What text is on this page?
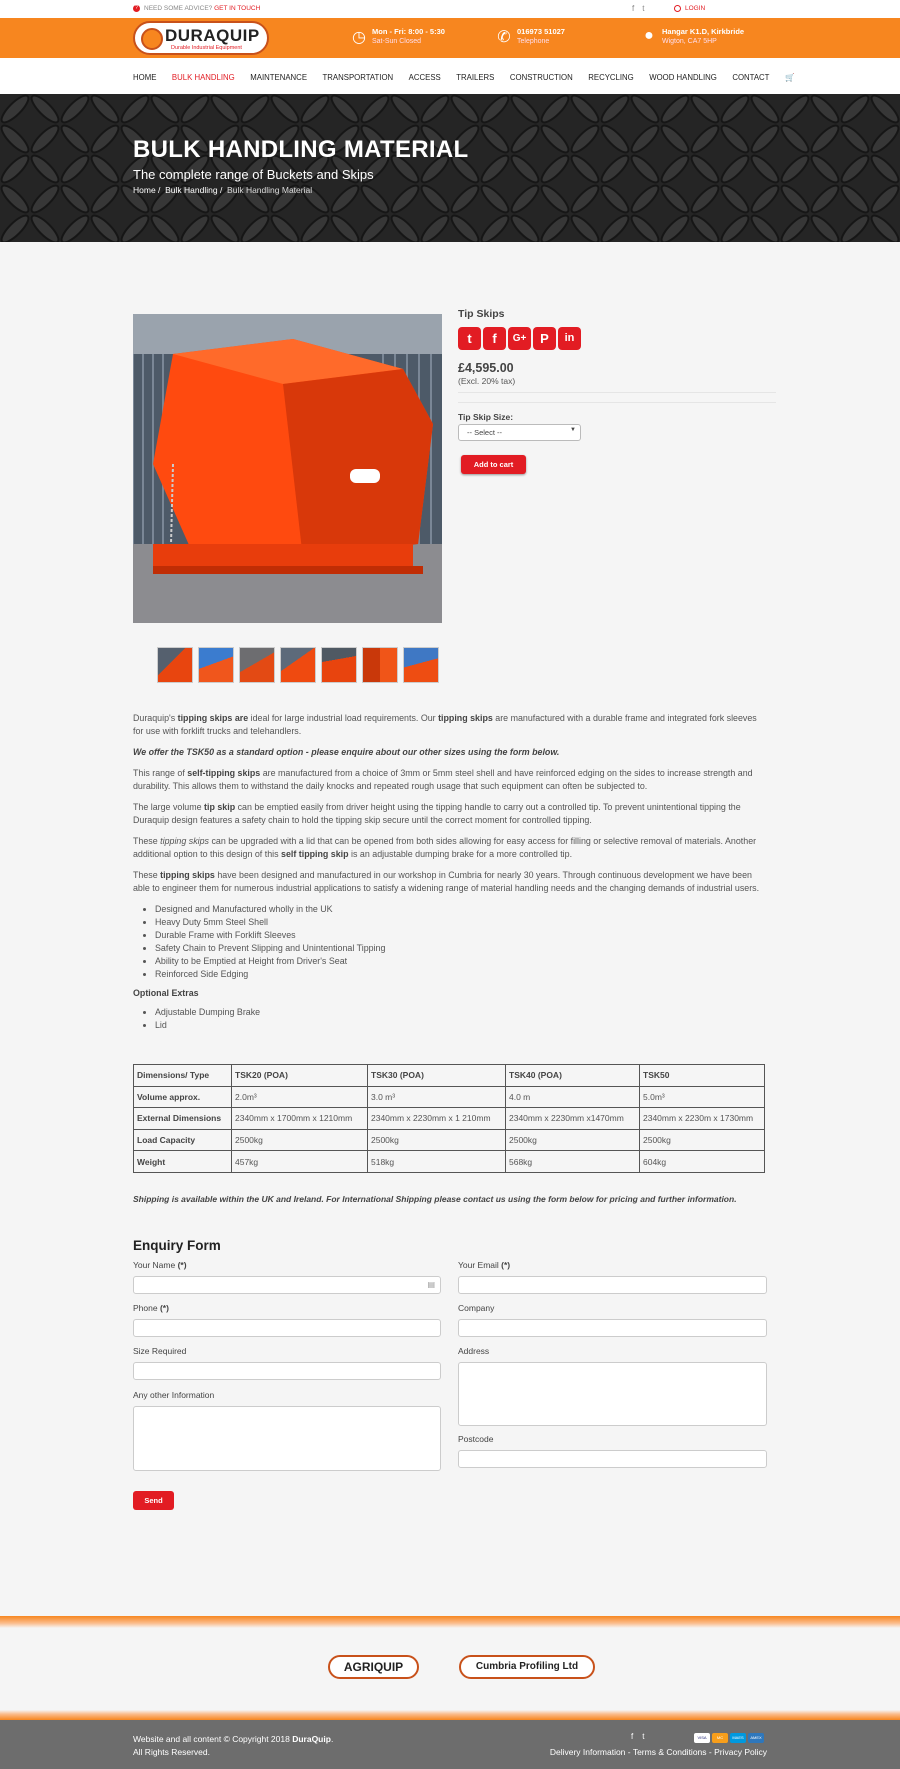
? NEED SOME ADVICE? GET IN TOUCH	ft	LOGIN
DURAQUIP
Durable Industrial Equipment
◷ Mon - Fri: 8:00 - 5:30
Sat-Sun Closed	✆ 016973 51027
Telephone	●	Hangar K1.D, Kirkbride
Wigton, CA7 5HP
HOME BULK HANDLING MAINTENANCE TRANSPORTATION ACCESS TRAILERS CONSTRUCTION RECYCLING WOOD HANDLING CONTACT 🛒
BULK HANDLING MATERIAL
The complete range of Buckets and Skips
Home /  Bulk Handling /  Bulk Handling Material
Tip Skips
t	f	G+	P	in
£4,595.00
(Excl. 20% tax)
Tip Skip Size:
-- Select --	▼
Add to cart

Duraquip's tipping skips are ideal for large industrial load requirements. Our tipping skips are manufactured with a durable frame and integrated fork sleeves for use with forklift trucks and telehandlers.

We offer the TSK50 as a standard option - please enquire about our other sizes using the form below.

This range of self-tipping skips are manufactured from a choice of 3mm or 5mm steel shell and have reinforced edging on the sides to increase strength and durability. This allows them to withstand the daily knocks and repeated rough usage that such equipment can often be subjected to.

The large volume tip skip can be emptied easily from driver height using the tipping handle to carry out a controlled tip. To prevent unintentional tipping the Duraquip design features a safety chain to hold the tipping skip secure until the correct moment for controlled tipping.

These tipping skips can be upgraded with a lid that can be opened from both sides allowing for easy access for filling or selective removal of materials. Another additional option to this design of this self tipping skip is an adjustable dumping brake for a more controlled tip.

These tipping skips have been designed and manufactured in our workshop in Cumbria for nearly 30 years. Through continuous development we have been able to engineer them for numerous industrial applications to satisfy a widening range of material handling needs and the changing demands of industrial users.

• Designed and Manufactured wholly in the UK
• Heavy Duty 5mm Steel Shell
• Durable Frame with Forklift Sleeves
• Safety Chain to Prevent Slipping and Unintentional Tipping
• Ability to be Emptied at Height from Driver's Seat
• Reinforced Side Edging
Optional Extras
• Adjustable Dumping Brake
• Lid
Dimensions/ Type	TSK20 (POA)	TSK30 (POA)	TSK40 (POA)	TSK50
Volume approx.	2.0m³	3.0 m³	4.0 m	5.0m³
External Dimensions	2340mm x 1700mm x 1210mm	2340mm x 2230mm x 1 210mm	2340mm x 2230mm x1470mm	2340mm x 2230m x 1730mm
Load Capacity	2500kg	2500kg	2500kg	2500kg
Weight	457kg	518kg	568kg	604kg
Shipping is available within the UK and Ireland. For International Shipping please contact us using the form below for pricing and further information.
Enquiry Form
Your Name (*)
▤
Your Email (*)
Phone (*)	Company
Size Required	Address
Any other Information
Postcode
Send
AGRIQUIP	Cumbria Profiling Ltd
Website and all content © Copyright 2018 DuraQuip.
All Rights Reserved.
ft	VISA	MC MAES AMEX
Delivery Information - Terms & Conditions - Privacy Policy
